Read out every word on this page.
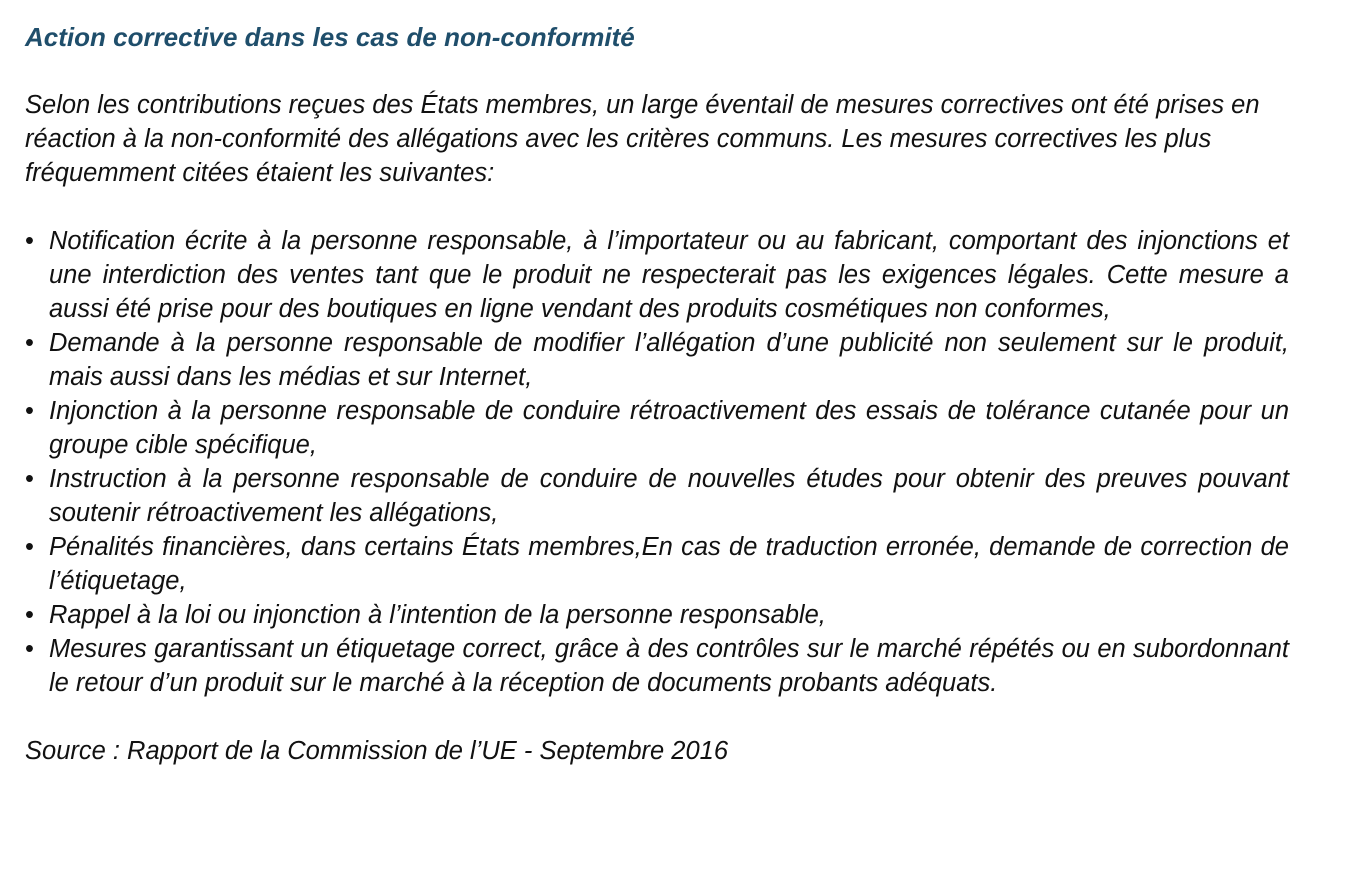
Action corrective dans les cas de non-conformité

Selon les contributions reçues des États membres, un large éventail de mesures correctives ont été prises en réaction à la non-conformité des allégations avec les critères communs. Les mesures correctives les plus fréquemment citées étaient les suivantes:

• Notification écrite à la personne responsable, à l’importateur ou au fabricant, comportant des injonctions et une interdiction des ventes tant que le produit ne respecterait pas les exigences légales. Cette mesure a aussi été prise pour des boutiques en ligne vendant des produits cosmétiques non conformes,
• Demande à la personne responsable de modifier l’allégation d’une publicité non seulement sur le produit, mais aussi dans les médias et sur Internet,
• Injonction à la personne responsable de conduire rétroactivement des essais de tolérance cutanée pour un groupe cible spécifique,
• Instruction à la personne responsable de conduire de nouvelles études pour obtenir des preuves pouvant soutenir rétroactivement les allégations,
• Pénalités financières, dans certains États membres,En cas de traduction erronée, demande de correction de l’étiquetage,
• Rappel à la loi ou injonction à l’intention de la personne responsable,
• Mesures garantissant un étiquetage correct, grâce à des contrôles sur le marché répétés ou en subordonnant le retour d’un produit sur le marché à la réception de documents probants adéquats.

Source : Rapport de la Commission de l’UE - Septembre 2016
